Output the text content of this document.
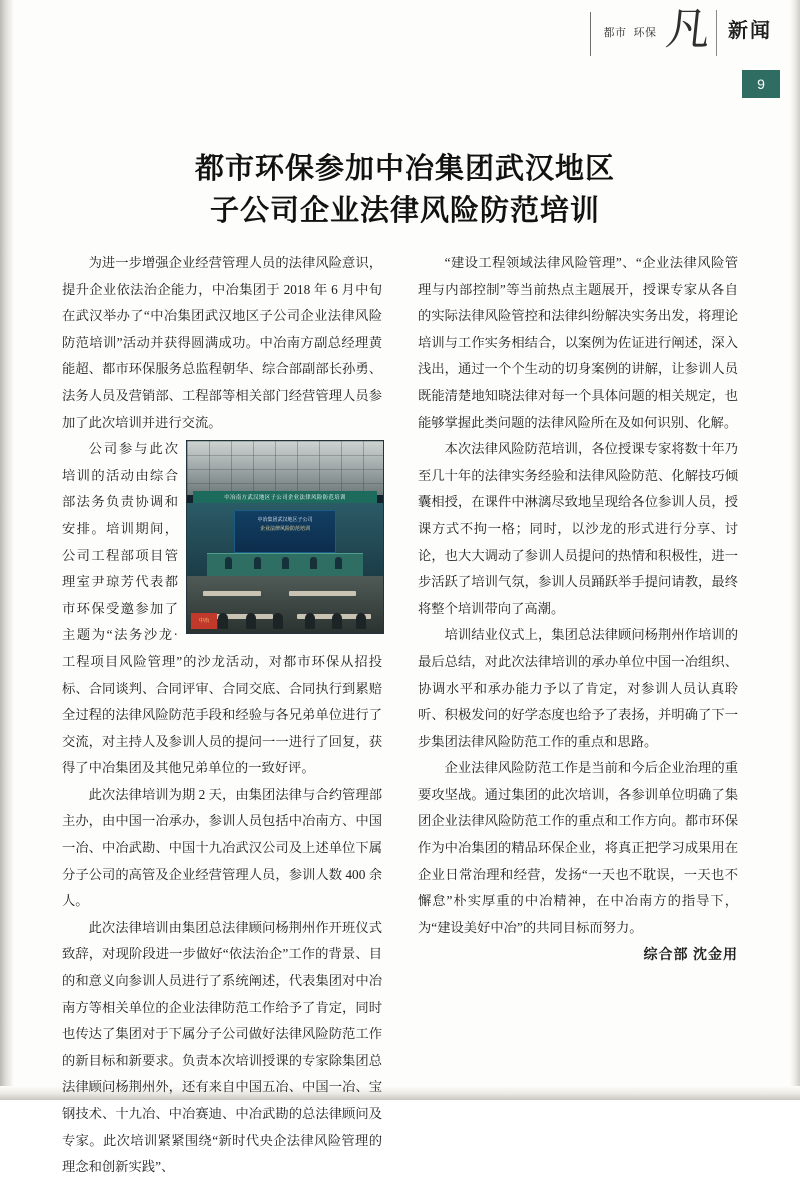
都市 环保 凡 新闻
9
都市环保参加中冶集团武汉地区
子公司企业法律风险防范培训

为进一步增强企业经营管理人员的法律风险意识，提升企业依法治企能力，中冶集团于 2018 年 6 月中旬在武汉举办了“中冶集团武汉地区子公司企业法律风险防范培训”活动并获得圆满成功。中冶南方副总经理黄能超、都市环保服务总监程朝华、综合部副部长孙勇、法务人员及营销部、工程部等相关部门经营管理人员参加了此次培训并进行交流。

中冶南方武汉地区子公司企业法律风险防范培训
中冶集团武汉地区子公司
企业法律风险防范培训
中冶

公司参与此次培训的活动由综合部法务负责协调和安排。培训期间，公司工程部项目管理室尹琼芳代表都市环保受邀参加了主题为“法务沙龙·工程项目风险管理”的沙龙活动，对都市环保从招投标、合同谈判、合同评审、合同交底、合同执行到累赔全过程的法律风险防范手段和经验与各兄弟单位进行了交流，对主持人及参训人员的提问一一进行了回复，获得了中冶集团及其他兄弟单位的一致好评。

此次法律培训为期 2 天，由集团法律与合约管理部主办，由中国一冶承办，参训人员包括中冶南方、中国一冶、中冶武勘、中国十九冶武汉公司及上述单位下属分子公司的高管及企业经营管理人员，参训人数 400 余人。

此次法律培训由集团总法律顾问杨荆州作开班仪式致辞，对现阶段进一步做好“依法治企”工作的背景、目的和意义向参训人员进行了系统阐述，代表集团对中冶南方等相关单位的企业法律防范工作给予了肯定，同时也传达了集团对于下属分子公司做好法律风险防范工作的新目标和新要求。负责本次培训授课的专家除集团总法律顾问杨荆州外，还有来自中国五冶、中国一冶、宝钢技术、十九冶、中冶赛迪、中冶武勘的总法律顾问及专家。此次培训紧紧围绕“新时代央企法律风险管理的理念和创新实践”、

“建设工程领域法律风险管理”、“企业法律风险管理与内部控制”等当前热点主题展开，授课专家从各自的实际法律风险管控和法律纠纷解决实务出发，将理论培训与工作实务相结合，以案例为佐证进行阐述，深入浅出，通过一个个生动的切身案例的讲解，让参训人员既能清楚地知晓法律对每一个具体问题的相关规定，也能够掌握此类问题的法律风险所在及如何识别、化解。

本次法律风险防范培训，各位授课专家将数十年乃至几十年的法律实务经验和法律风险防范、化解技巧倾囊相授，在课件中淋漓尽致地呈现给各位参训人员，授课方式不拘一格；同时，以沙龙的形式进行分享、讨论，也大大调动了参训人员提问的热情和积极性，进一步活跃了培训气氛，参训人员踊跃举手提问请教，最终将整个培训带向了高潮。

培训结业仪式上，集团总法律顾问杨荆州作培训的最后总结，对此次法律培训的承办单位中国一冶组织、协调水平和承办能力予以了肯定，对参训人员认真聆听、积极发问的好学态度也给予了表扬，并明确了下一步集团法律风险防范工作的重点和思路。

企业法律风险防范工作是当前和今后企业治理的重要攻坚战。通过集团的此次培训，各参训单位明确了集团企业法律风险防范工作的重点和工作方向。都市环保作为中冶集团的精品环保企业，将真正把学习成果用在企业日常治理和经营，发扬“一天也不耽误，一天也不懈怠”朴实厚重的中冶精神，在中冶南方的指导下，为“建设美好中冶”的共同目标而努力。

综合部 沈金用
